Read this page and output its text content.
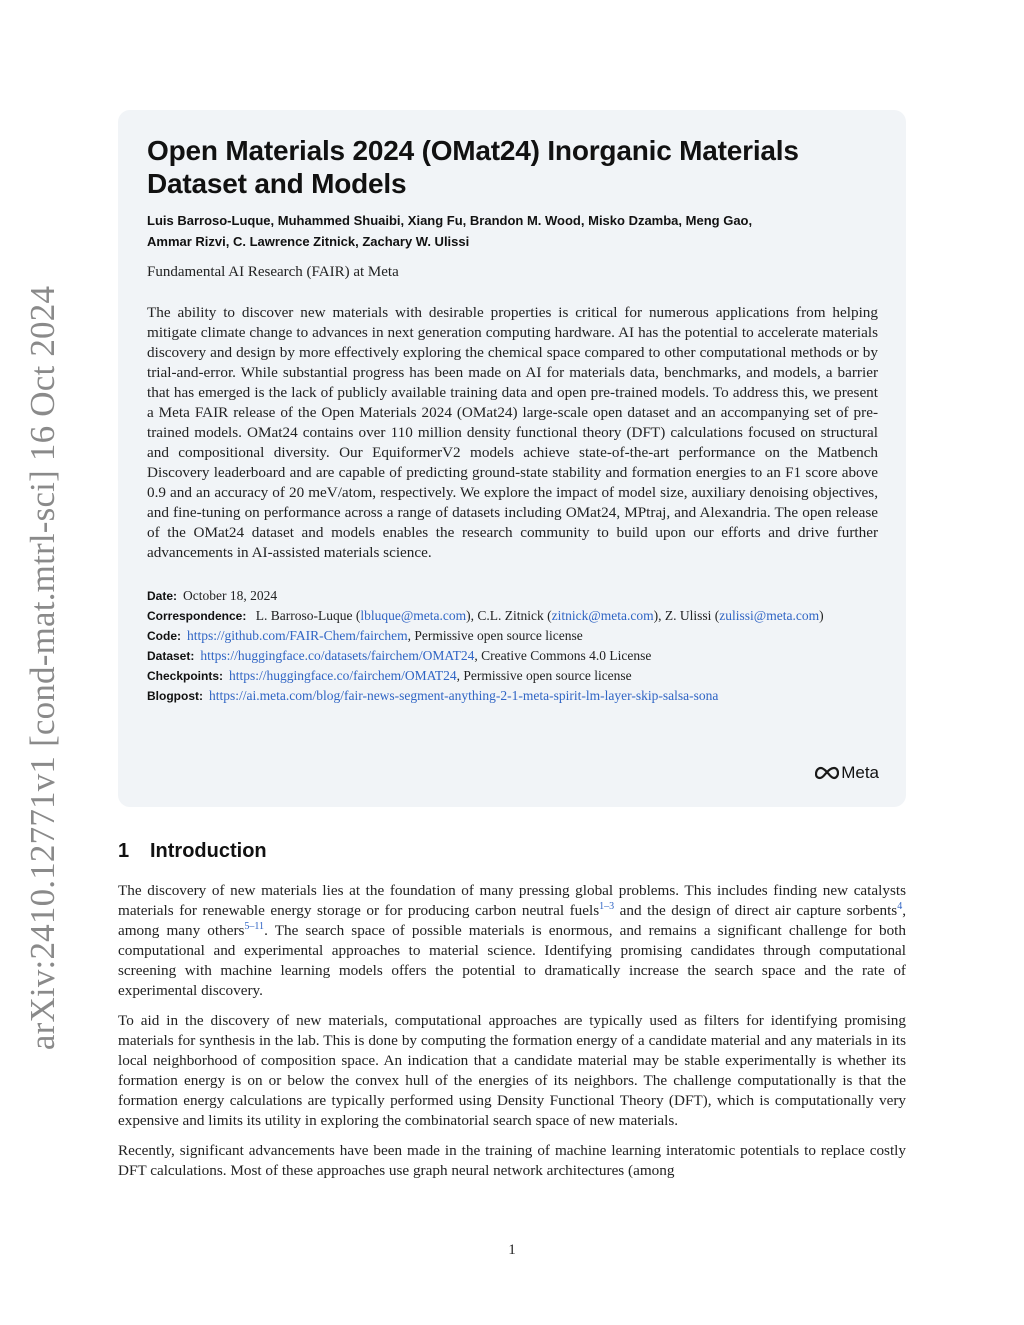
arXiv:2410.12771v1 [cond-mat.mtrl-sci] 16 Oct 2024
Open Materials 2024 (OMat24) Inorganic Materials Dataset and Models
Luis Barroso-Luque, Muhammed Shuaibi, Xiang Fu, Brandon M. Wood, Misko Dzamba, Meng Gao,
Ammar Rizvi, C. Lawrence Zitnick, Zachary W. Ulissi
Fundamental AI Research (FAIR) at Meta
The ability to discover new materials with desirable properties is critical for numerous applications from helping mitigate climate change to advances in next generation computing hardware. AI has the potential to accelerate materials discovery and design by more effectively exploring the chemical space compared to other computational methods or by trial-and-error. While substantial progress has been made on AI for materials data, benchmarks, and models, a barrier that has emerged is the lack of publicly available training data and open pre-trained models. To address this, we present a Meta FAIR release of the Open Materials 2024 (OMat24) large-scale open dataset and an accompanying set of pre-trained models. OMat24 contains over 110 million density functional theory (DFT) calculations focused on structural and compositional diversity. Our EquiformerV2 models achieve state-of-the-art performance on the Matbench Discovery leaderboard and are capable of predicting ground-state stability and formation energies to an F1 score above 0.9 and an accuracy of 20 meV/atom, respectively. We explore the impact of model size, auxiliary denoising objectives, and fine-tuning on performance across a range of datasets including OMat24, MPtraj, and Alexandria. The open release of the OMat24 dataset and models enables the research community to build upon our efforts and drive further advancements in AI-assisted materials science.
Date: October 18, 2024
Correspondence: L. Barroso-Luque (lbluque@meta.com), C.L. Zitnick (zitnick@meta.com), Z. Ulissi (zulissi@meta.com)
Code: https://github.com/FAIR-Chem/fairchem, Permissive open source license
Dataset: https://huggingface.co/datasets/fairchem/OMAT24, Creative Commons 4.0 License
Checkpoints: https://huggingface.co/fairchem/OMAT24, Permissive open source license
Blogpost: https://ai.meta.com/blog/fair-news-segment-anything-2-1-meta-spirit-lm-layer-skip-salsa-sona
Meta
1 Introduction

The discovery of new materials lies at the foundation of many pressing global problems. This includes finding new catalysts materials for renewable energy storage or for producing carbon neutral fuels$^{1-3}$ and the design of direct air capture sorbents$^4$, among many others$^{5-11}$. The search space of possible materials is enormous, and remains a significant challenge for both computational and experimental approaches to material science. Identifying promising candidates through computational screening with machine learning models offers the potential to dramatically increase the search space and the rate of experimental discovery.

To aid in the discovery of new materials, computational approaches are typically used as filters for identifying promising materials for synthesis in the lab. This is done by computing the formation energy of a candidate material and any materials in its local neighborhood of composition space. An indication that a candidate material may be stable experimentally is whether its formation energy is on or below the convex hull of the energies of its neighbors. The challenge computationally is that the formation energy calculations are typically performed using Density Functional Theory (DFT), which is computationally very expensive and limits its utility in exploring the combinatorial search space of new materials.

Recently, significant advancements have been made in the training of machine learning interatomic potentials to replace costly DFT calculations. Most of these approaches use graph neural network architectures (among

1
